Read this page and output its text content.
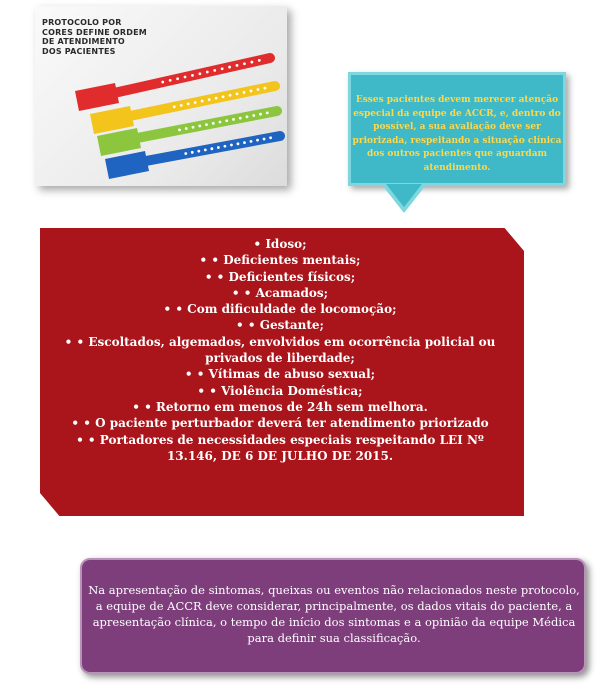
PROTOCOLO POR
CORES DEFINE ORDEM
DE ATENDIMENTO
DOS PACIENTES

Esses pacientes devem merecer atenção especial da equipe de ACCR, e, dentro do possível, a sua avaliação deve ser priorizada, respeitando a situação clínica dos outros pacientes que aguardam atendimento.

• Idoso;
• • Deficientes mentais;
• • Deficientes físicos;
• • Acamados;
• • Com dificuldade de locomoção;
• • Gestante;
• • Escoltados, algemados, envolvidos em ocorrência policial ou privados de liberdade;
• • Vítimas de abuso sexual;
• • Violência Doméstica;
• • Retorno em menos de 24h sem melhora.
• • O paciente perturbador deverá ter atendimento priorizado
• • Portadores de necessidades especiais respeitando LEI Nº 13.146, DE 6 DE JULHO DE 2015.

Na apresentação de sintomas, queixas ou eventos não relacionados neste protocolo, a equipe de ACCR deve considerar, principalmente, os dados vitais do paciente, a apresentação clínica, o tempo de início dos sintomas e a opinião da equipe Médica para definir sua classificação.
